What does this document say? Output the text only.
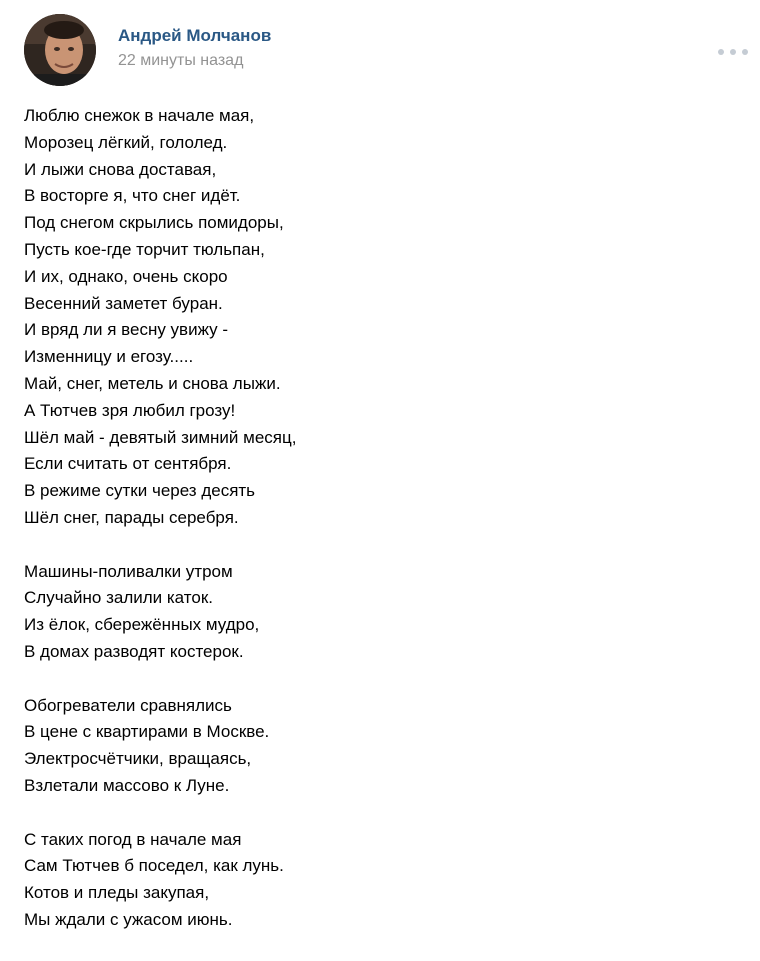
Андрей Молчанов
22 минуты назад
Люблю снежок в начале мая,
Морозец лёгкий, гололед.
И лыжи снова доставая,
В восторге я, что снег идёт.
Под снегом скрылись помидоры,
Пусть кое-где торчит тюльпан,
И их, однако, очень скоро
Весенний заметет буран.
И вряд ли я весну увижу -
Изменницу и егозу.....
Май, снег, метель и снова лыжи.
А Тютчев зря любил грозу!
Шёл май - девятый зимний месяц,
Если считать от сентября.
В режиме сутки через десять
Шёл снег, парады серебря.
Машины-поливалки утром
Случайно залили каток.
Из ёлок, сбережённых мудро,
В домах разводят костерок.
Обогреватели сравнялись
В цене с квартирами в Москве.
Электросчётчики, вращаясь,
Взлетали массово к Луне.
С таких погод в начале мая
Сам Тютчев б поседел, как лунь.
Котов и пледы закупая,
Мы ждали с ужасом июнь.
